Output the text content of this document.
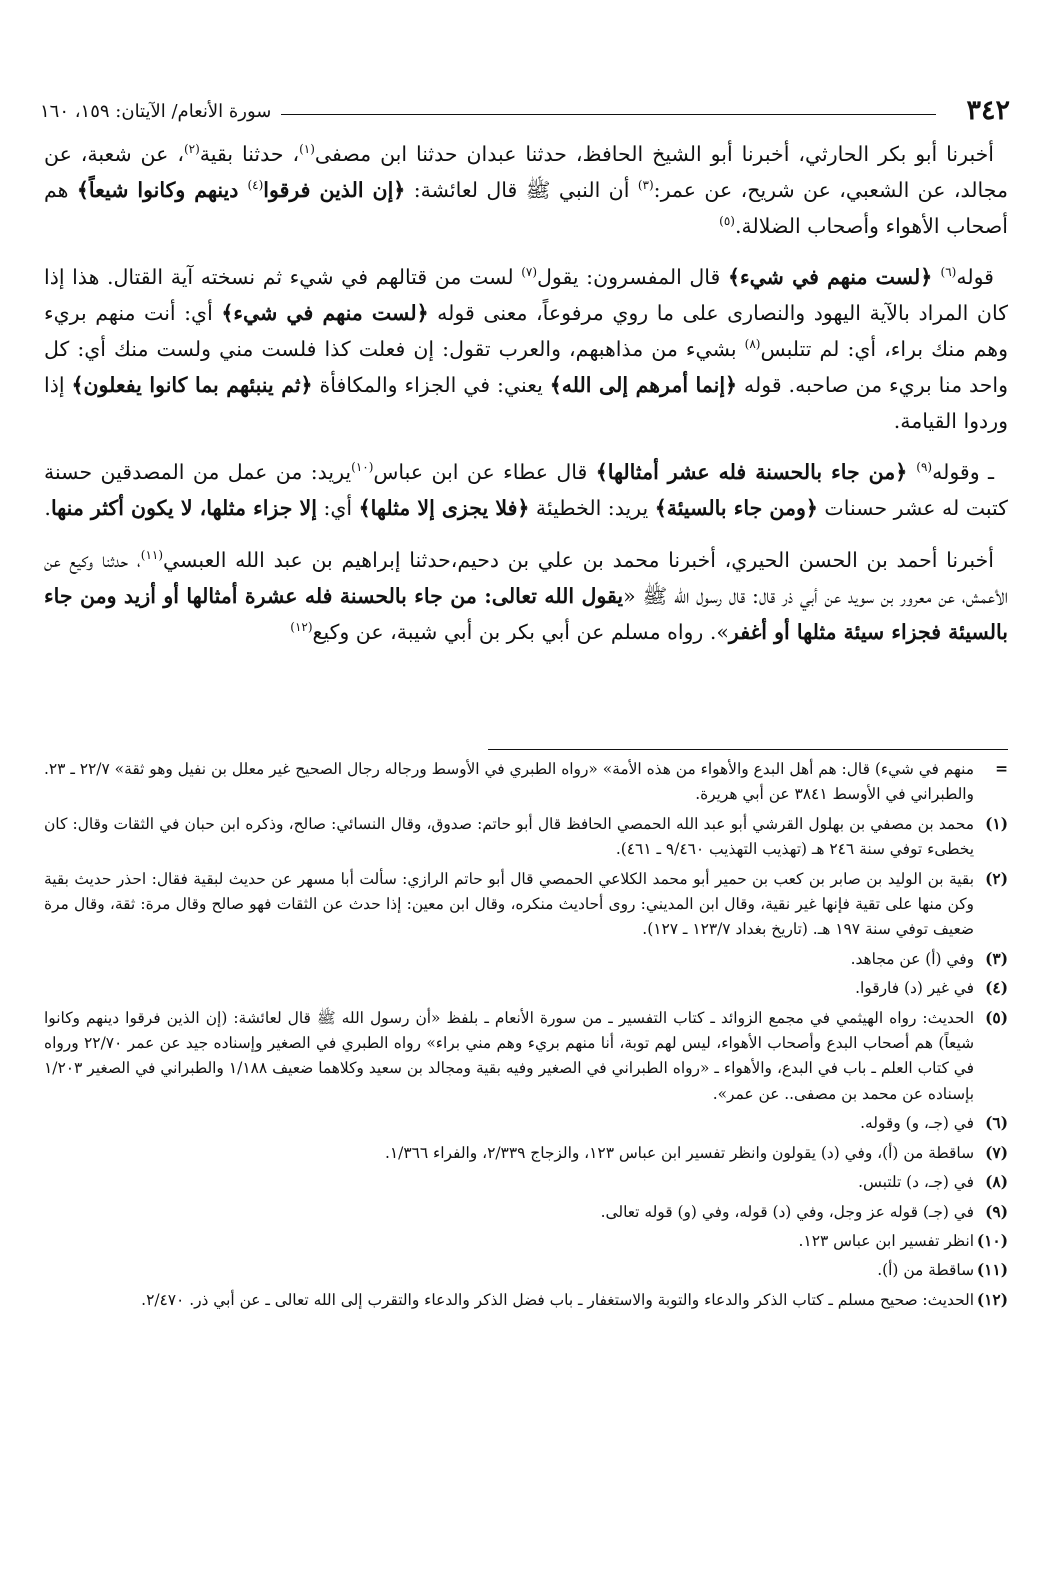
٣٤٢
سورة الأنعام/ الآيتان: ١٥٩، ١٦٠

أخبرنا أبو بكر الحارثي، أخبرنا أبو الشيخ الحافظ، حدثنا عبدان حدثنا ابن مصفى$^{(١)}$، حدثنا بقية$^{(٢)}$، عن شعبة، عن مجالد، عن الشعبي، عن شريح، عن عمر:$^{(٣)}$ أن النبي ﷺ قال لعائشة: ﴿إن الذين فرقوا$^{(٤)}$ دينهم وكانوا شيعاً﴾ هم أصحاب الأهواء وأصحاب الضلالة.$^{(٥)}$

قوله$^{(٦)}$ ﴿لست منهم في شيء﴾ قال المفسرون: يقول$^{(٧)}$ لست من قتالهم في شيء ثم نسخته آية القتال. هذا إذا كان المراد بالآية اليهود والنصارى على ما روي مرفوعاً، معنى قوله ﴿لست منهم في شيء﴾ أي: أنت منهم بريء وهم منك براء، أي: لم تتلبس$^{(٨)}$ بشيء من مذاهبهم، والعرب تقول: إن فعلت كذا فلست مني ولست منك أي: كل واحد منا بريء من صاحبه. قوله ﴿إنما أمرهم إلى الله﴾ يعني: في الجزاء والمكافأة ﴿ثم ينبئهم بما كانوا يفعلون﴾ إذا وردوا القيامة.

ـ وقوله$^{(٩)}$ ﴿من جاء بالحسنة فله عشر أمثالها﴾ قال عطاء عن ابن عباس$^{(١٠)}$يريد: من عمل من المصدقين حسنة كتبت له عشر حسنات ﴿ومن جاء بالسيئة﴾ يريد: الخطيئة ﴿فلا يجزى إلا مثلها﴾ أي: إلا جزاء مثلها، لا يكون أكثر منها.

أخبرنا أحمد بن الحسن الحيري، أخبرنا محمد بن علي بن دحيم،حدثنا إبراهيم بن عبد الله العبسي$^{(١١)}$، حدثنا وكيع عن الأعمش، عن معرور بن سويد عن أبي ذر قال: قال رسول الله ﷺ «يقول الله تعالى: من جاء بالحسنة فله عشرة أمثالها أو أزيد ومن جاء بالسيئة فجزاء سيئة مثلها أو أغفر». رواه مسلم عن أبي بكر بن أبي شيبة، عن وكيع$^{(١٢)}$

=
منهم في شيء) قال: هم أهل البدع والأهواء من هذه الأمة» «رواه الطبري في الأوسط ورجاله رجال الصحيح غير معلل بن نفيل وهو ثقة» ٢٢/٧ ـ ٢٣. والطبراني في الأوسط ٣٨٤١ عن أبي هريرة.
(١)
محمد بن مصفي بن بهلول القرشي أبو عبد الله الحمصي الحافظ قال أبو حاتم: صدوق، وقال النسائي: صالح، وذكره ابن حبان في الثقات وقال: كان يخطىء توفي سنة ٢٤٦ هـ (تهذيب التهذيب ٩/٤٦٠ ـ ٤٦١).
(٢)
بقية بن الوليد بن صابر بن كعب بن حمير أبو محمد الكلاعي الحمصي قال أبو حاتم الرازي: سألت أبا مسهر عن حديث لبقية فقال: احذر حديث بقية وكن منها على تقية فإنها غير نقية، وقال ابن المديني: روى أحاديث منكره، وقال ابن معين: إذا حدث عن الثقات فهو صالح وقال مرة: ثقة، وقال مرة ضعيف توفي سنة ١٩٧ هـ. (تاريخ بغداد ١٢٣/٧ ـ ١٢٧).
(٣)
وفي (أ) عن مجاهد.
(٤)
في غير (د) فارقوا.
(٥)
الحديث: رواه الهيثمي في مجمع الزوائد ـ كتاب التفسير ـ من سورة الأنعام ـ بلفظ «أن رسول الله ﷺ قال لعائشة: (إن الذين فرقوا دينهم وكانوا شيعاً) هم أصحاب البدع وأصحاب الأهواء، ليس لهم توبة، أنا منهم بريء وهم مني براء» رواه الطبري في الصغير وإسناده جيد عن عمر ٢٢/٧٠ ورواه في كتاب العلم ـ باب في البدع، والأهواء ـ «رواه الطبراني في الصغير وفيه بقية ومجالد بن سعيد وكلاهما ضعيف ١/١٨٨ والطبراني في الصغير ١/٢٠٣ بإسناده عن محمد بن مصفى.. عن عمر».
(٦)
في (جـ، و) وقوله.
(٧)
ساقطة من (أ)، وفي (د) يقولون وانظر تفسير ابن عباس ١٢٣، والزجاج ٢/٣٣٩، والفراء ١/٣٦٦.
(٨)
في (جـ، د) تلتبس.
(٩)
في (جـ) قوله عز وجل، وفي (د) قوله، وفي (و) قوله تعالى.
(١٠)
انظر تفسير ابن عباس ١٢٣.
(١١)
ساقطة من (أ).
(١٢)
الحديث: صحيح مسلم ـ كتاب الذكر والدعاء والتوبة والاستغفار ـ باب فضل الذكر والدعاء والتقرب إلى الله تعالى ـ عن أبي ذر. ٢/٤٧٠.
